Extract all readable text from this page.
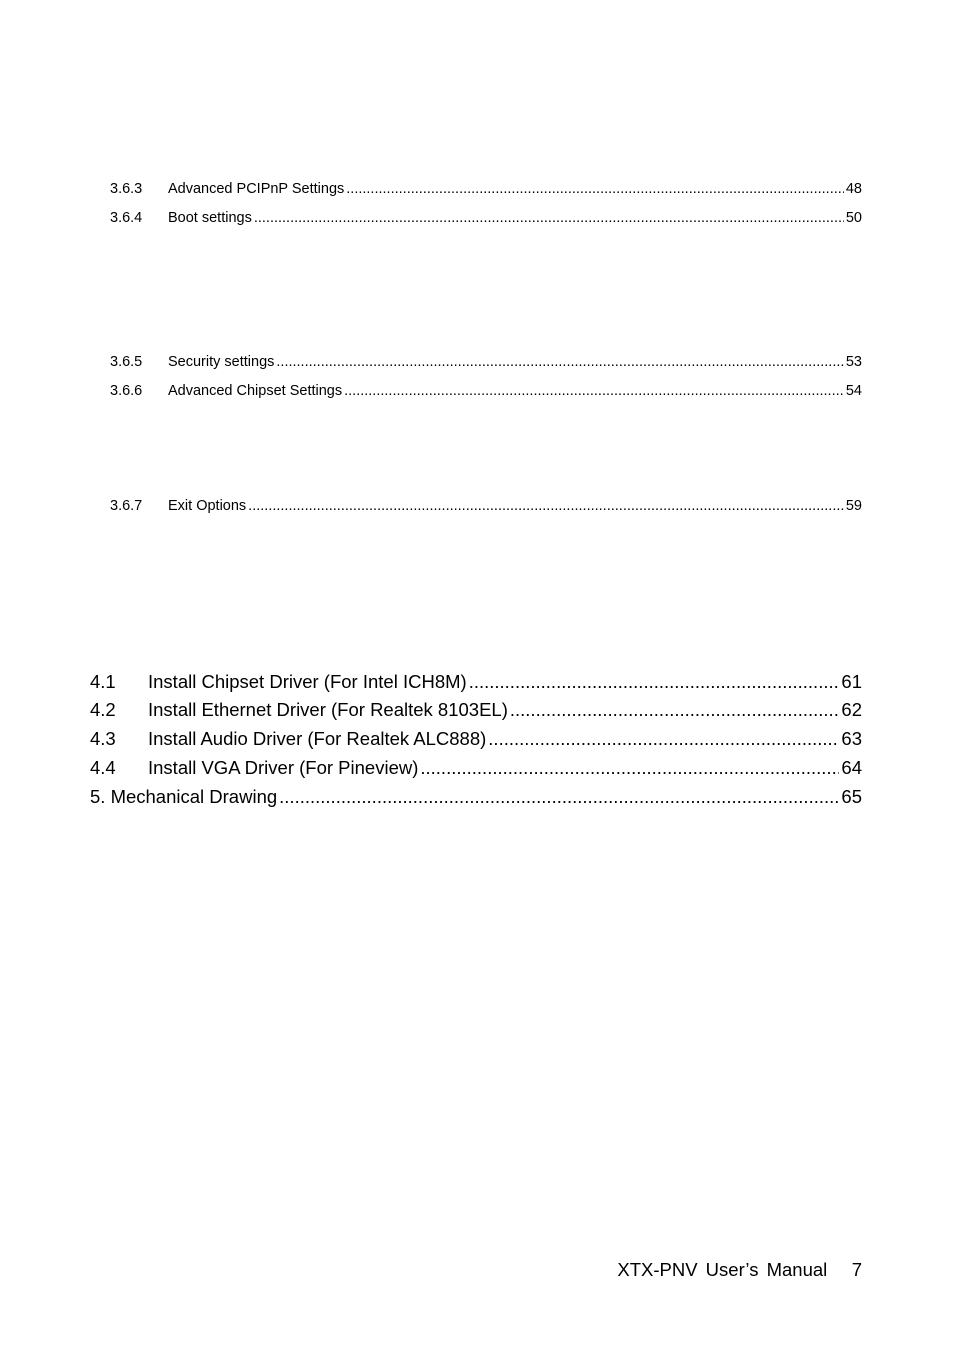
3.6.3	Advanced PCIPnP Settings .....	48
3.6.4	Boot settings .....	50
3.6.5	Security settings .....	53
3.6.6	Advanced Chipset Settings .....	54
3.6.7	Exit Options .....	59
4.1	Install Chipset Driver (For Intel ICH8M) .....	61
4.2	Install Ethernet Driver (For Realtek 8103EL) .....	62
4.3	Install Audio Driver (For Realtek ALC888) .....	63
4.4	Install VGA Driver (For Pineview) .....	64
5. Mechanical Drawing .....	65
XTX-PNV User’s Manual 7
